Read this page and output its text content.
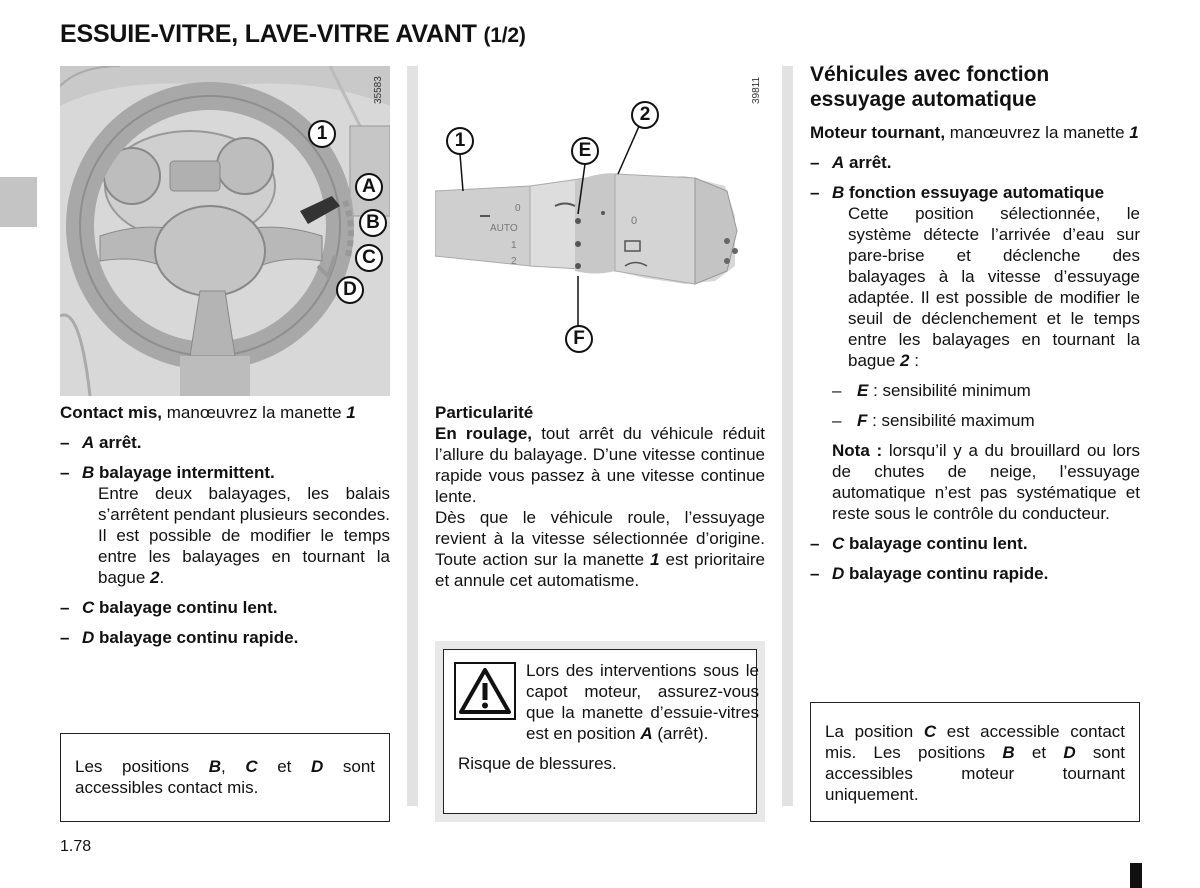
ESSUIE-VITRE, LAVE-VITRE AVANT (1/2)
1
A
B
C
D
35583
Contact mis, manœuvrez la manette 1
– A arrêt.
– B balayage intermittent.
Entre deux balayages, les balais s’arrêtent pendant plusieurs secondes. Il est possible de modifier le temps entre les balayages en tournant la bague 2.
– C balayage continu lent.
– D balayage continu rapide.
Les positions B, C et D sont accessibles contact mis.
0
AUTO
1
2
0
1
2
E
F
39811
Particularité
En roulage, tout arrêt du véhicule réduit l’allure du balayage. D’une vitesse continue rapide vous passez à une vitesse continue lente.
Dès que le véhicule roule, l’essuyage revient à la vitesse sélectionnée d’origine. Toute action sur la manette 1 est prioritaire et annule cet automatisme.
Lors des interventions sous le capot moteur, assurez-vous que la manette d’essuie-vitres est en position A (arrêt).
Risque de blessures.
Véhicules avec fonction essuyage automatique
Moteur tournant, manœuvrez la manette 1
– A arrêt.
– B fonction essuyage automatique
Cette position sélectionnée, le système détecte l’arrivée d’eau sur pare-brise et déclenche des balayages à la vitesse d’essuyage adaptée. Il est possible de modifier le seuil de déclenchement et le temps entre les balayages en tournant la bague 2 :
– E : sensibilité minimum
– F : sensibilité maximum
Nota : lorsqu’il y a du brouillard ou lors de chutes de neige, l’essuyage automatique n’est pas systématique et reste sous le contrôle du conducteur.
– C balayage continu lent.
– D balayage continu rapide.
La position C est accessible contact mis. Les positions B et D sont accessibles moteur tournant uniquement.
1.78
